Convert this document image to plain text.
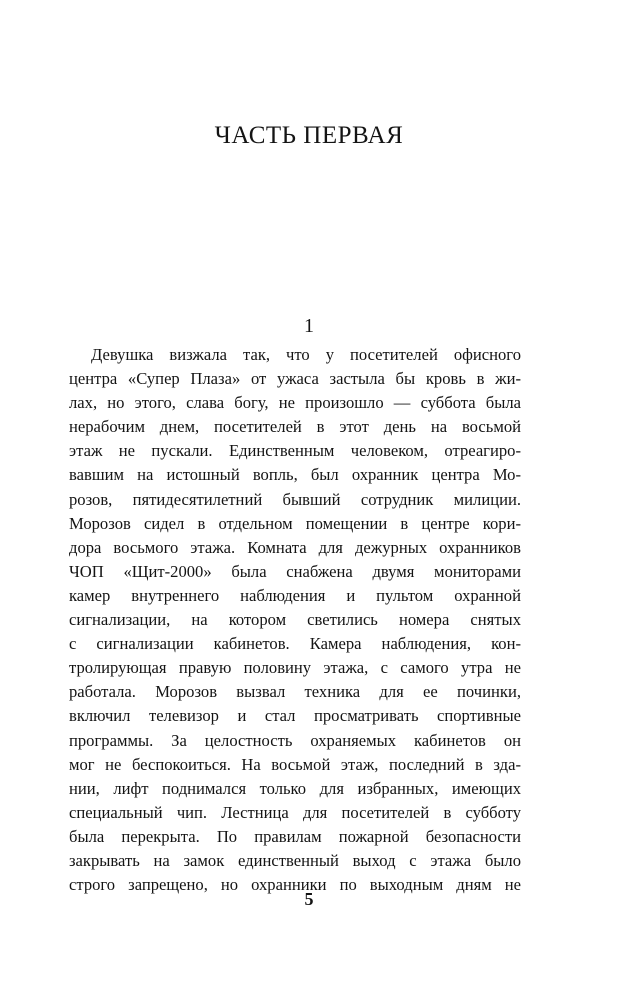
ЧАСТЬ ПЕРВАЯ
1
Девушка визжала так, что у посетителей офисного
центра «Супер Плаза» от ужаса застыла бы кровь в жи-
лах, но этого, слава богу, не произошло — суббота была
нерабочим днем, посетителей в этот день на восьмой
этаж не пускали. Единственным человеком, отреагиро-
вавшим на истошный вопль, был охранник центра Мо-
розов, пятидесятилетний бывший сотрудник милиции.
Морозов сидел в отдельном помещении в центре кори-
дора восьмого этажа. Комната для дежурных охранников
ЧОП «Щит-2000» была снабжена двумя мониторами
камер внутреннего наблюдения и пультом охранной
сигнализации, на котором светились номера снятых
с сигнализации кабинетов. Камера наблюдения, кон-
тролирующая правую половину этажа, с самого утра не
работала. Морозов вызвал техника для ее починки,
включил телевизор и стал просматривать спортивные
программы. За целостность охраняемых кабинетов он
мог не беспокоиться. На восьмой этаж, последний в зда-
нии, лифт поднимался только для избранных, имеющих
специальный чип. Лестница для посетителей в субботу
была перекрыта. По правилам пожарной безопасности
закрывать на замок единственный выход с этажа было
строго запрещено, но охранники по выходным дням не
5
